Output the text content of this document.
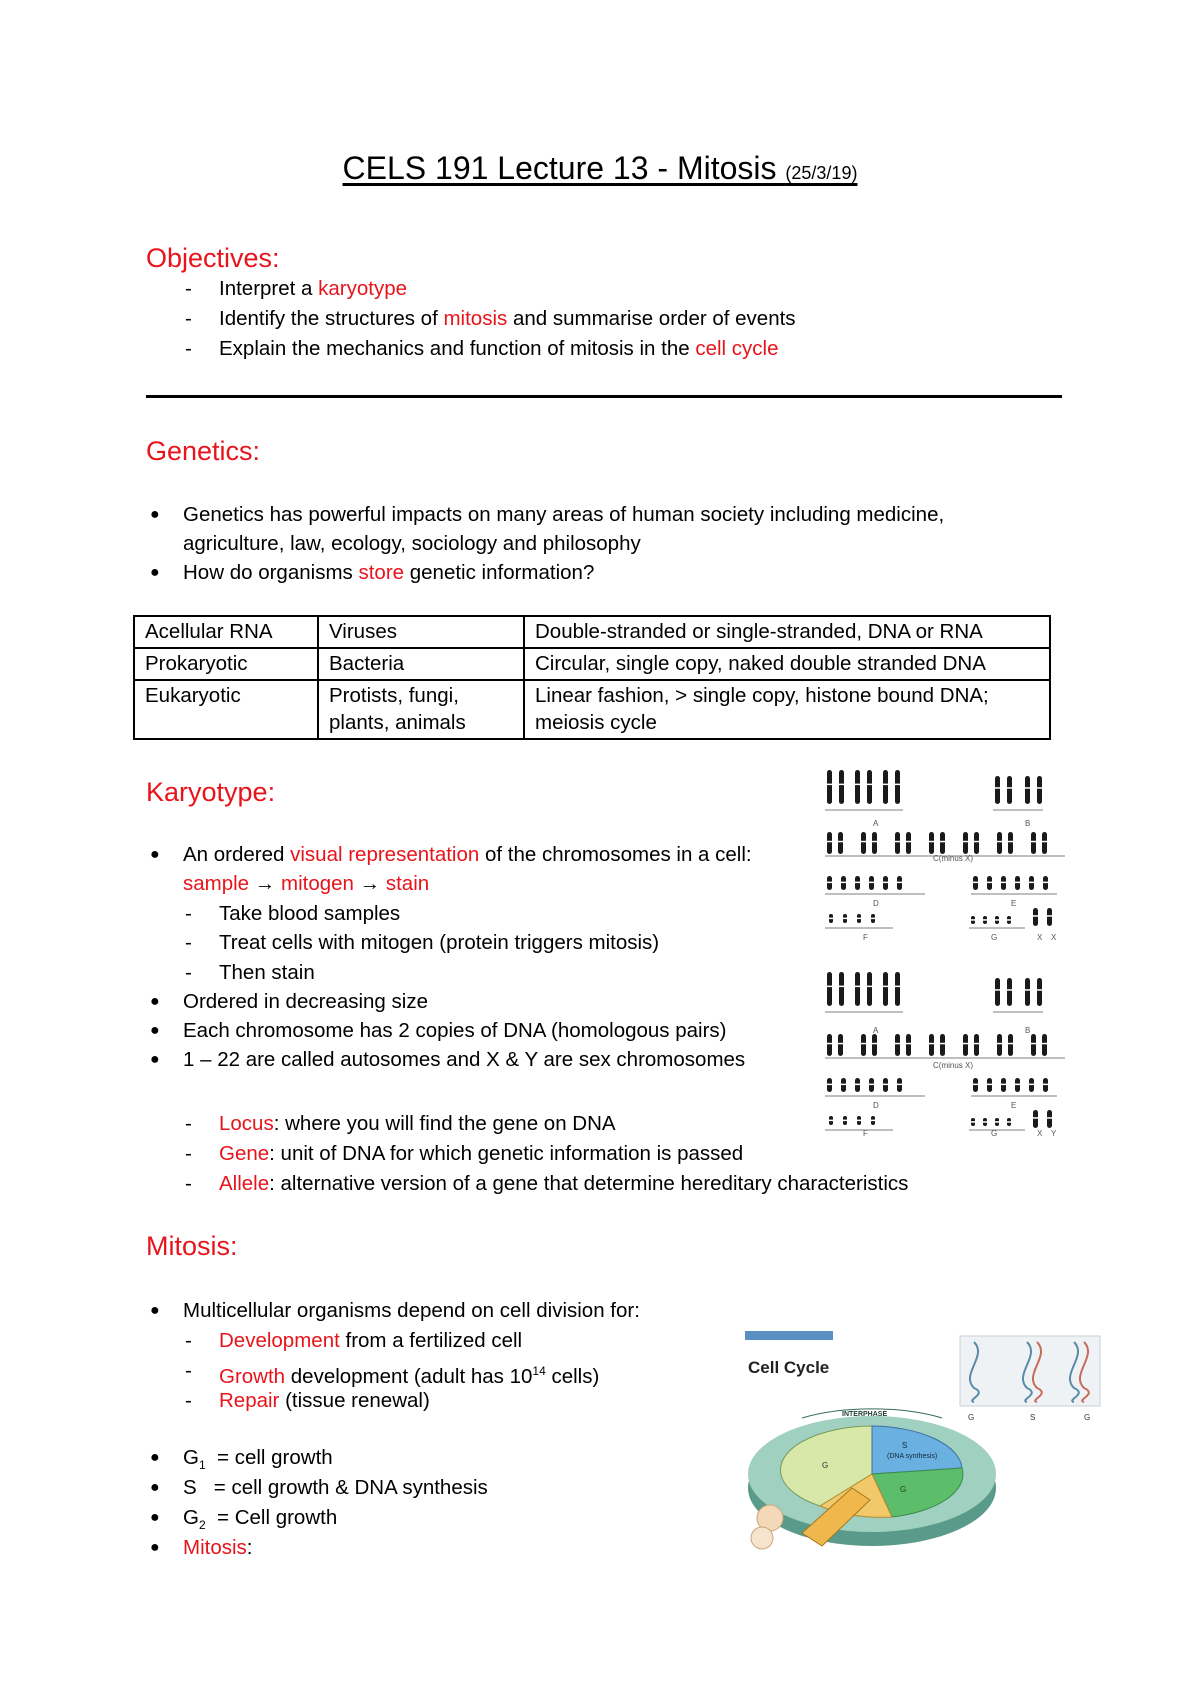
CELS 191 Lecture 13 - Mitosis (25/3/19)
Objectives:
- Interpret a karyotype
- Identify the structures of mitosis and summarise order of events
- Explain the mechanics and function of mitosis in the cell cycle
Genetics:
● Genetics has powerful impacts on many areas of human society including medicine,
agriculture, law, ecology, sociology and philosophy
● How do organisms store genetic information?
Acellular RNA	Viruses	Double-stranded or single-stranded, DNA or RNA
Prokaryotic	Bacteria	Circular, single copy, naked double stranded DNA
Eukaryotic	Protists, fungi,
plants, animals	Linear fashion, > single copy, histone bound DNA;
meiosis cycle
Karyotype:
● An ordered visual representation of the chromosomes in a cell:
sample → mitogen → stain
- Take blood samples
- Treat cells with mitogen (protein triggers mitosis)
- Then stain
● Ordered in decreasing size
● Each chromosome has 2 copies of DNA (homologous pairs)
● 1 – 22 are called autosomes and X & Y are sex chromosomes
- Locus: where you will find the gene on DNA
- Gene: unit of DNA for which genetic information is passed
- Allele: alternative version of a gene that determine hereditary characteristics
A	B
C(minus X)
D	E
F	G	X X
A	B
C(minus X)
D	E
F	G	X Y
Mitosis:
● Multicellular organisms depend on cell division for:
- Development from a fertilized cell
- Growth development (adult has $10^{14}$ cells)
- Repair (tissue renewal)
● $G_1$  = cell growth
● S   = cell growth & DNA synthesis
● $G_2$  = Cell growth
● Mitosis:
Cell Cycle
INTERPHASE
G
S
(DNA synthesis)
G
G	S	G
